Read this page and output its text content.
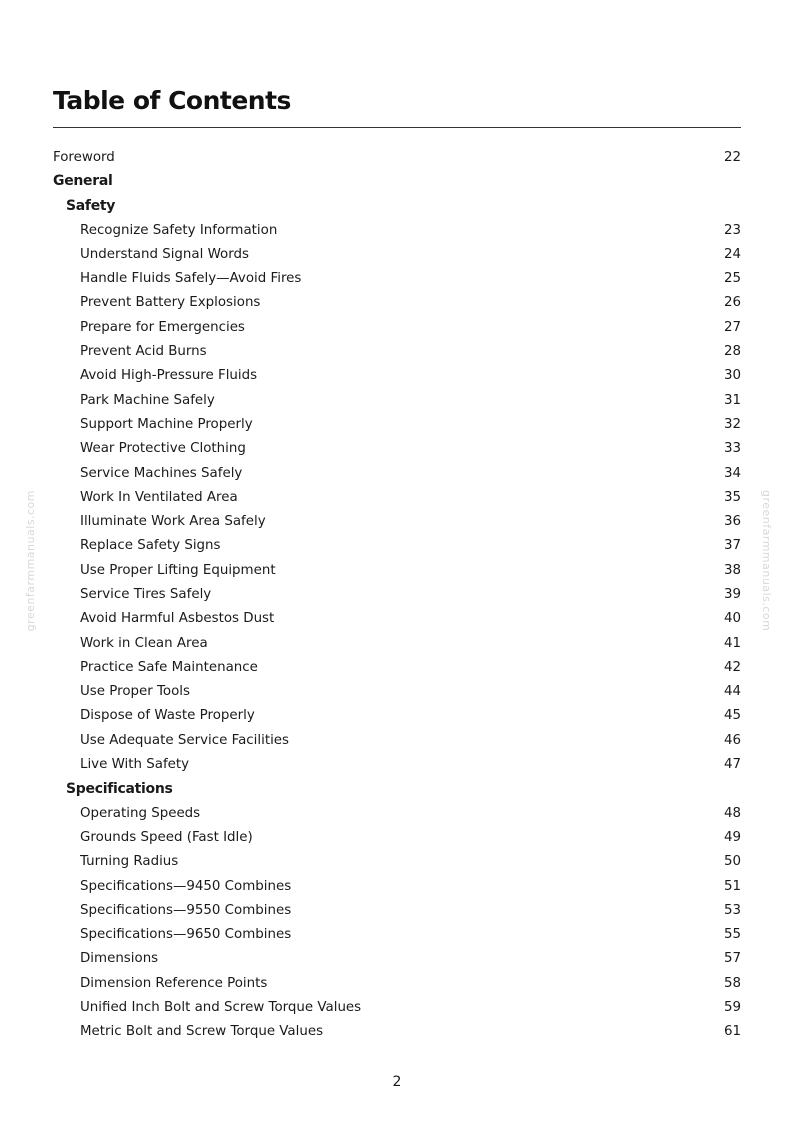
Table of Contents
Foreword	22
General
Safety
Recognize Safety Information	23
Understand Signal Words	24
Handle Fluids Safely—Avoid Fires	25
Prevent Battery Explosions	26
Prepare for Emergencies	27
Prevent Acid Burns	28
Avoid High-Pressure Fluids	30
Park Machine Safely	31
Support Machine Properly	32
Wear Protective Clothing	33
Service Machines Safely	34
Work In Ventilated Area	35
Illuminate Work Area Safely	36
Replace Safety Signs	37
Use Proper Lifting Equipment	38
Service Tires Safely	39
Avoid Harmful Asbestos Dust	40
Work in Clean Area	41
Practice Safe Maintenance	42
Use Proper Tools	44
Dispose of Waste Properly	45
Use Adequate Service Facilities	46
Live With Safety	47
Specifications
Operating Speeds	48
Grounds Speed (Fast Idle)	49
Turning Radius	50
Specifications—9450 Combines	51
Specifications—9550 Combines	53
Specifications—9650 Combines	55
Dimensions	57
Dimension Reference Points	58
Unified Inch Bolt and Screw Torque Values	59
Metric Bolt and Screw Torque Values	61
greenfarmmanuals.com	greenfarmmanuals.com
2
